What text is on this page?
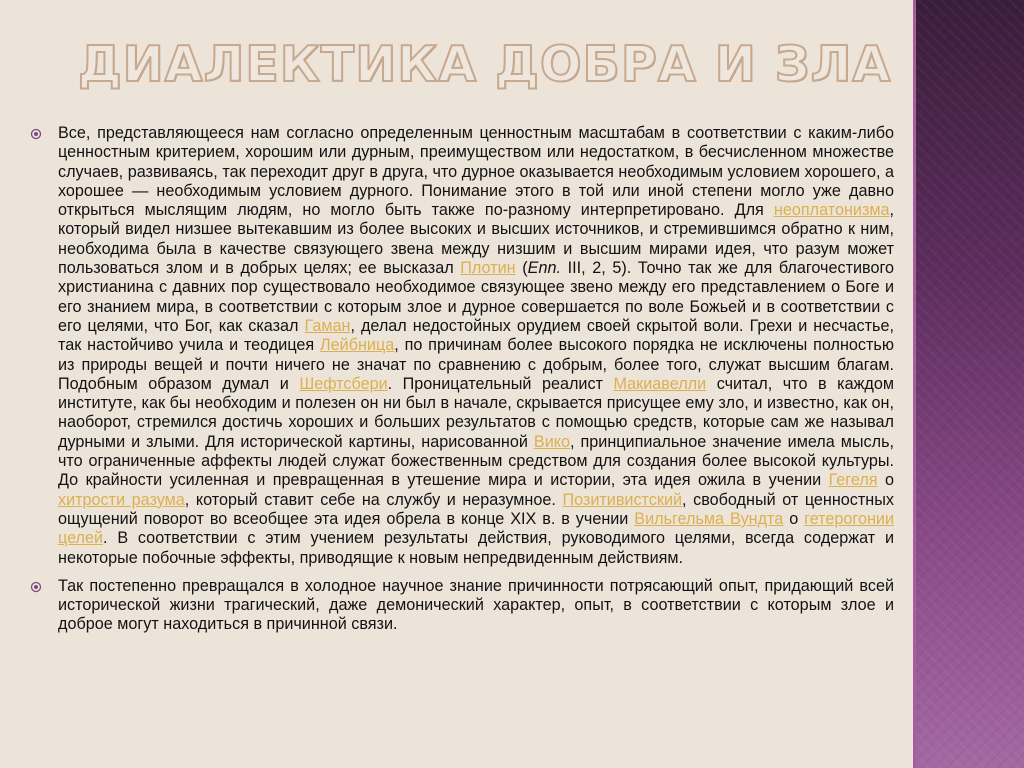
ДИАЛЕКТИКА ДОБРА И ЗЛА

Все, представляющееся нам согласно определенным ценностным масштабам в соответствии с каким-либо ценностным критерием, хорошим или дурным, преимуществом или недостатком, в бесчисленном множестве случаев, развиваясь, так переходит друг в друга, что дурное оказывается необходимым условием хорошего, а хорошее — необходимым условием дурного. Понимание этого в той или иной степени могло уже давно открыться мыслящим людям, но могло быть также по-разному интерпретировано. Для неоплатонизма, который видел низшее вытекавшим из более высоких и высших источников, и стремившимся обратно к ним, необходима была в качестве связующего звена между низшим и высшим мирами идея, что разум может пользоваться злом и в добрых целях; ее высказал Плотин (Enn. III, 2, 5). Точно так же для благочестивого христианина с давних пор существовало необходимое связующее звено между его представлением о Боге и его знанием мира, в соответствии с которым злое и дурное совершается по воле Божьей и в соответствии с его целями, что Бог, как сказал Гаман, делал недостойных орудием своей скрытой воли. Грехи и несчастье, так настойчиво учила и теодицея Лейбница, по причинам более высокого порядка не исключены полностью из природы вещей и почти ничего не значат по сравнению с добрым, более того, служат высшим благам. Подобным образом думал и Шефтсбери. Проницательный реалист Макиавелли считал, что в каждом институте, как бы необходим и полезен он ни был в начале, скрывается присущее ему зло, и известно, как он, наоборот, стремился достичь хороших и больших результатов с помощью средств, которые сам же называл дурными и злыми. Для исторической картины, нарисованной Вико, принципиальное значение имела мысль, что ограниченные аффекты людей служат божественным средством для создания более высокой культуры. До крайности усиленная и превращенная в утешение мира и истории, эта идея ожила в учении Гегеля о хитрости разума, который ставит себе на службу и неразумное. Позитивистский, свободный от ценностных ощущений поворот во всеобщее эта идея обрела в конце XIX в. в учении Вильгельма Вундта о гетерогонии целей. В соответствии с этим учением результаты действия, руководимого целями, всегда содержат и некоторые побочные эффекты, приводящие к новым непредвиденным действиям.

Так постепенно превращался в холодное научное знание причинности потрясающий опыт, придающий всей исторической жизни трагический, даже демонический характер, опыт, в соответствии с которым злое и доброе могут находиться в причинной связи.
